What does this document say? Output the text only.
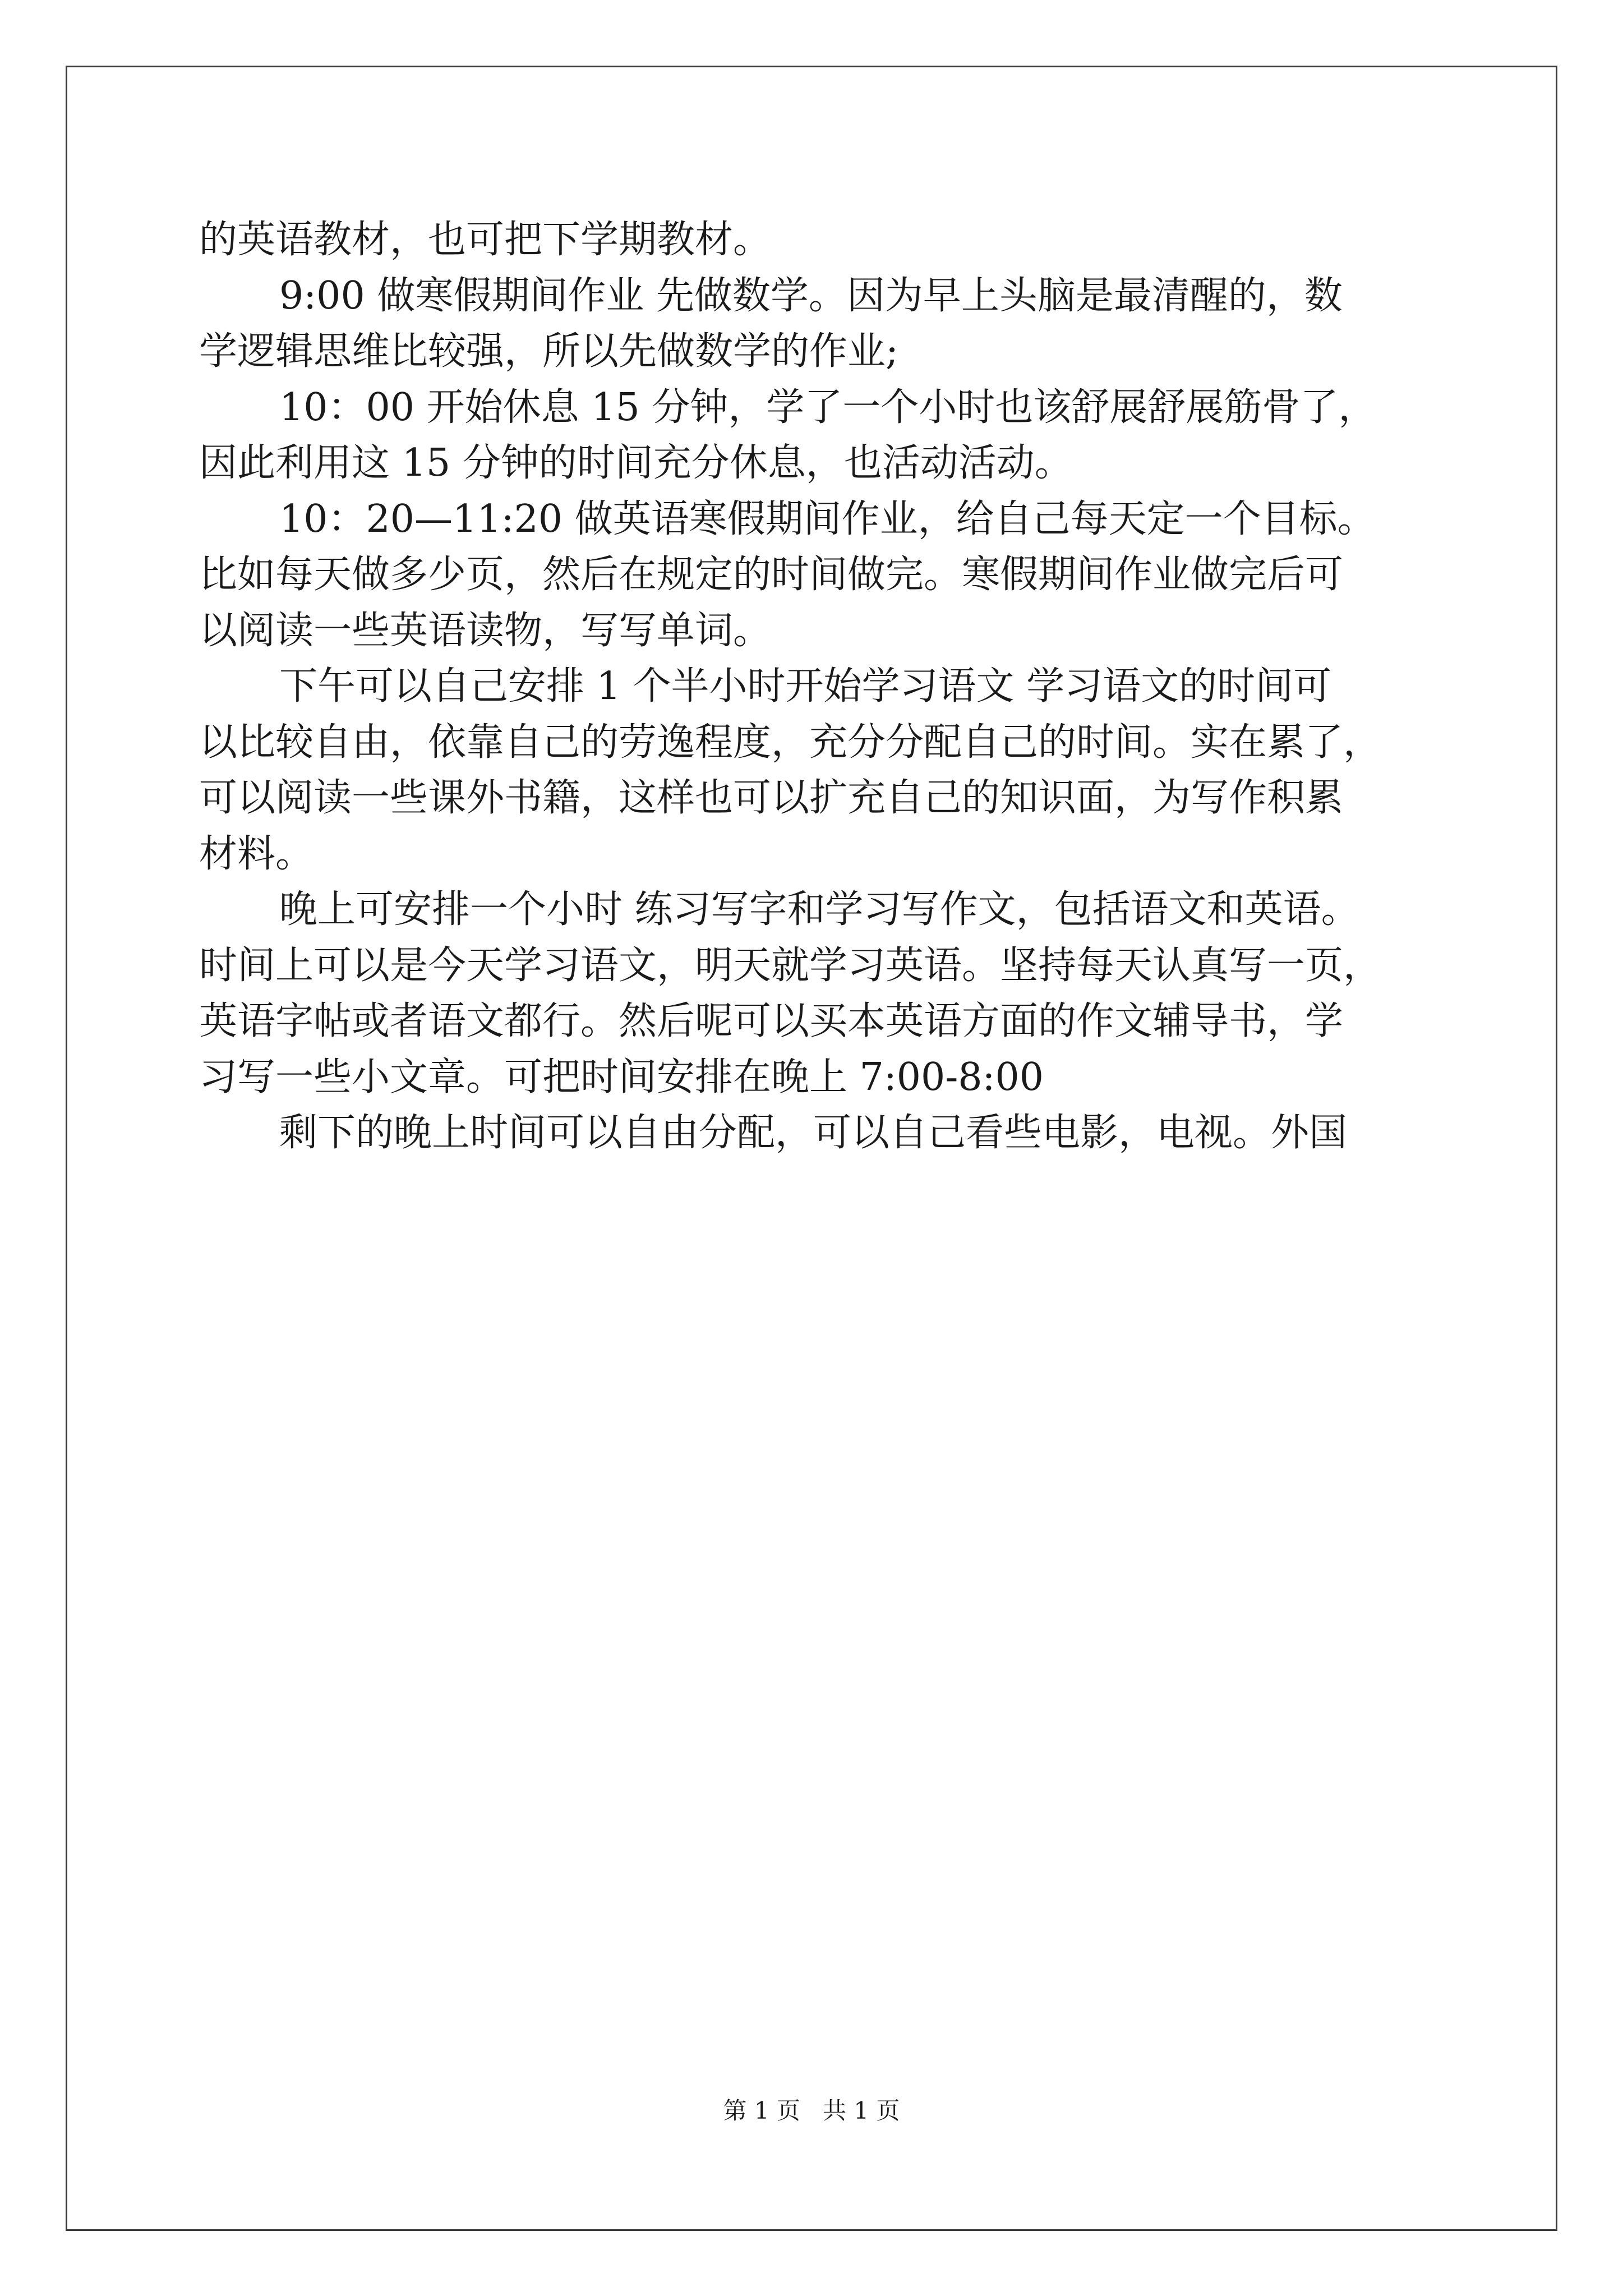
的英语教材，也可把下学期教材。
9:00 做寒假期间作业 先做数学。因为早上头脑是最清醒的，数
学逻辑思维比较强，所以先做数学的作业;
10：00 开始休息 15 分钟，学了一个小时也该舒展舒展筋骨了，
因此利用这 15 分钟的时间充分休息，也活动活动。
10：20—11:20 做英语寒假期间作业，给自己每天定一个目标。
比如每天做多少页，然后在规定的时间做完。寒假期间作业做完后可
以阅读一些英语读物，写写单词。
下午可以自己安排 1 个半小时开始学习语文 学习语文的时间可
以比较自由，依靠自己的劳逸程度，充分分配自己的时间。实在累了，
可以阅读一些课外书籍，这样也可以扩充自己的知识面，为写作积累
材料。
晚上可安排一个小时 练习写字和学习写作文，包括语文和英语。
时间上可以是今天学习语文，明天就学习英语。坚持每天认真写一页，
英语字帖或者语文都行。然后呢可以买本英语方面的作文辅导书，学
习写一些小文章。可把时间安排在晚上 7:00-8:00
剩下的晚上时间可以自由分配，可以自己看些电影，电视。外国
第 1 页 共 1 页
